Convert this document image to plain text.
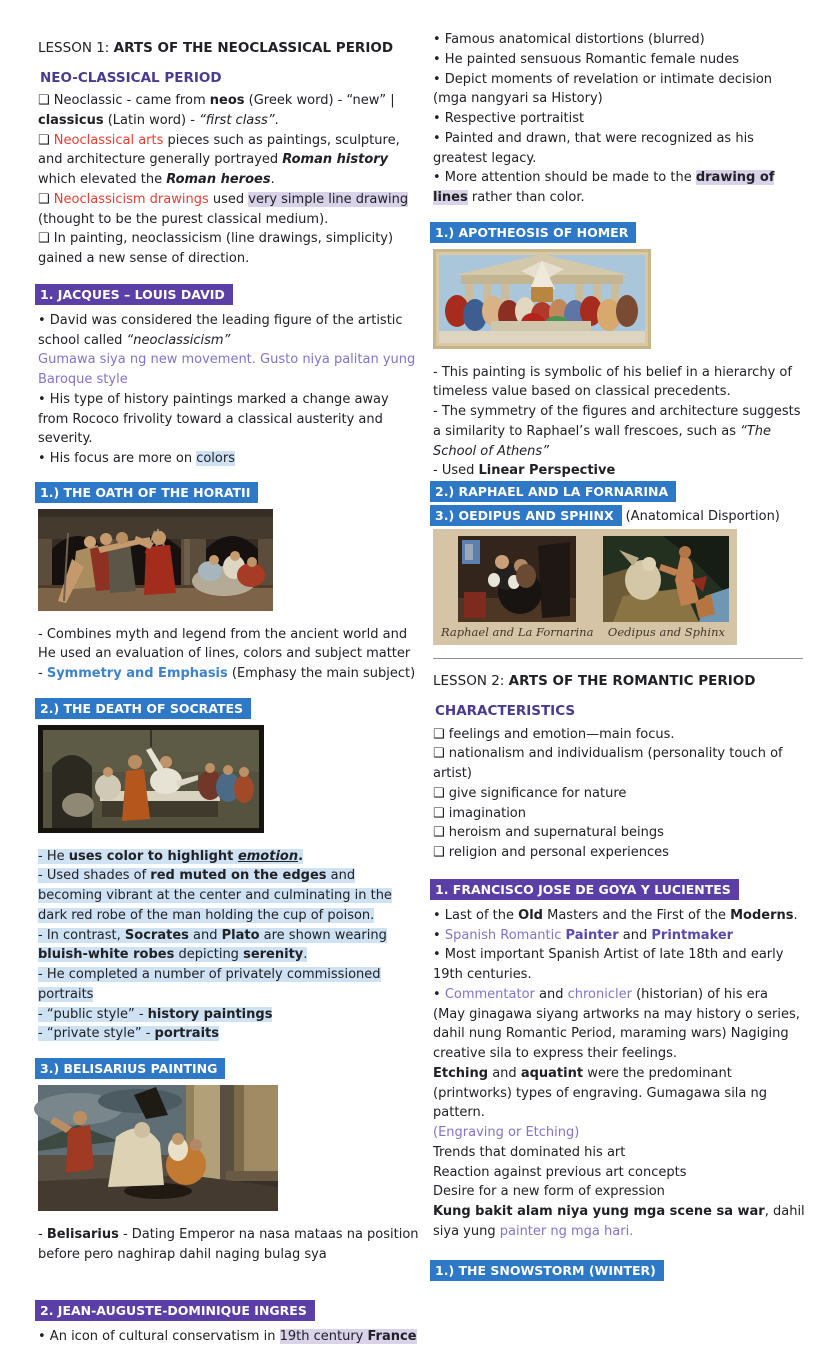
LESSON 1: ARTS OF THE NEOCLASSICAL PERIOD

NEO-CLASSICAL PERIOD

❑ Neoclassic - came from neos (Greek word) - “new” | classicus (Latin word) - “first class”.

❑ Neoclassical arts pieces such as paintings, sculpture, and architecture generally portrayed Roman history which elevated the Roman heroes.

❑ Neoclassicism drawings used very simple line drawing (thought to be the purest classical medium).

❑ In painting, neoclassicism (line drawings, simplicity) gained a new sense of direction.

1. JACQUES – LOUIS DAVID

• David was considered the leading figure of the artistic school called “neoclassicism”

Gumawa siya ng new movement. Gusto niya palitan yung Baroque style

• His type of history paintings marked a change away from Rococo frivolity toward a classical austerity and severity.

• His focus are more on colors

1.) THE OATH OF THE HORATII

- Combines myth and legend from the ancient world and He used an evaluation of lines, colors and subject matter

- Symmetry and Emphasis (Emphasy the main subject)

2.) THE DEATH OF SOCRATES

- He uses color to highlight emotion.

- Used shades of red muted on the edges and becoming vibrant at the center and culminating in the dark red robe of the man holding the cup of poison.

- In contrast, Socrates and Plato are shown wearing bluish-white robes depicting serenity.

- He completed a number of privately commissioned portraits

- “public style” - history paintings

- “private style” - portraits

3.) BELISARIUS PAINTING

- Belisarius - Dating Emperor na nasa mataas na position before pero naghirap dahil naging bulag sya

2. JEAN-AUGUSTE-DOMINIQUE INGRES

• An icon of cultural conservatism in 19th century France

• Famous anatomical distortions (blurred)

• He painted sensuous Romantic female nudes

• Depict moments of revelation or intimate decision (mga nangyari sa History)

• Respective portraitist

• Painted and drawn, that were recognized as his greatest legacy.

• More attention should be made to the drawing of lines rather than color.

1.) APOTHEOSIS OF HOMER

- This painting is symbolic of his belief in a hierarchy of timeless value based on classical precedents.

- The symmetry of the figures and architecture suggests a similarity to Raphael’s wall frescoes, such as “The School of Athens”

- Used Linear Perspective

2.) RAPHAEL AND LA FORNARINA
3.) OEDIPUS AND SPHINX (Anatomical Disportion)
Raphael and La Fornarina Oedipus and Sphinx

LESSON 2: ARTS OF THE ROMANTIC PERIOD

CHARACTERISTICS

❑ feelings and emotion—main focus.

❑ nationalism and individualism (personality touch of artist)

❑ give significance for nature

❑ imagination

❑ heroism and supernatural beings

❑ religion and personal experiences

1. FRANCISCO JOSE DE GOYA Y LUCIENTES

• Last of the Old Masters and the First of the Moderns.

• Spanish Romantic Painter and Printmaker

• Most important Spanish Artist of late 18th and early 19th centuries.

• Commentator and chronicler (historian) of his era

(May ginagawa siyang artworks na may history o series, dahil nung Romantic Period, maraming wars) Nagiging creative sila to express their feelings.

Etching and aquatint were the predominant (printworks) types of engraving. Gumagawa sila ng pattern.

(Engraving or Etching)

Trends that dominated his art

Reaction against previous art concepts

Desire for a new form of expression

Kung bakit alam niya yung mga scene sa war, dahil siya yung painter ng mga hari.

1.) THE SNOWSTORM (WINTER)
